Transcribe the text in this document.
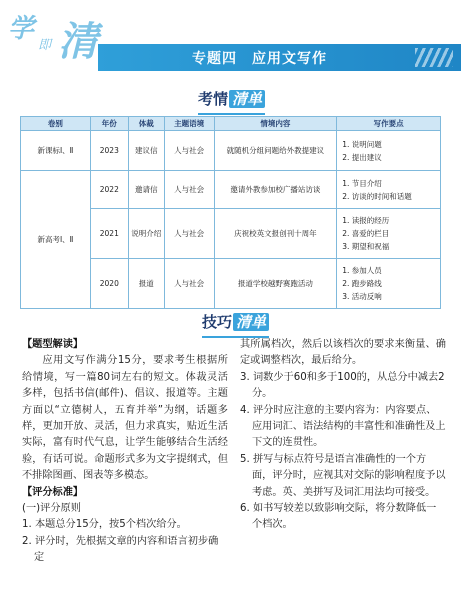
学
即 清	专题四　应用文写作
考情 清单
卷别	年份	体裁	主题语境	情境内容	写作要点
新课标Ⅰ、Ⅱ	2023	建议信	人与社会	就随机分组问题给外教提建议	1. 说明问题
2. 提出建议

新高考Ⅰ、Ⅱ	2022	邀请信	人与社会	邀请外教参加校广播站访谈	1. 节目介绍
2. 访谈的时间和话题

	2021	说明介绍	人与社会	庆祝校英文报创刊十周年	1. 读报的经历
2. 喜爱的栏目
3. 期望和祝福

	2020	报道	人与社会	报道学校越野赛跑活动	1. 参加人员
2. 跑步路线
3. 活动反响
技巧 清单
【题型解读】
应用文写作满分15分，要求考生根据所给情境，写一篇80词左右的短文。体裁灵活多样，包括书信(邮件)、倡议、报道等。主题方面以“立德树人，五育并举”为纲，话题多样，更加开放、灵活，但力求真实，贴近生活实际，富有时代气息，让学生能够结合生活经验，有话可说。命题形式多为文字提纲式，但不排除图画、图表等多模态。
【评分标准】
(一)评分原则
1. 本题总分15分，按5个档次给分。
2. 评分时，先根据文章的内容和语言初步确定
其所属档次，然后以该档次的要求来衡量、确定或调整档次，最后给分。
3. 词数少于60和多于100的，从总分中减去2分。
4. 评分时应注意的主要内容为：内容要点、应用词汇、语法结构的丰富性和准确性及上下文的连贯性。
5. 拼写与标点符号是语言准确性的一个方面，评分时，应视其对交际的影响程度予以考虑。英、美拼写及词汇用法均可接受。
6. 如书写较差以致影响交际，将分数降低一个档次。
